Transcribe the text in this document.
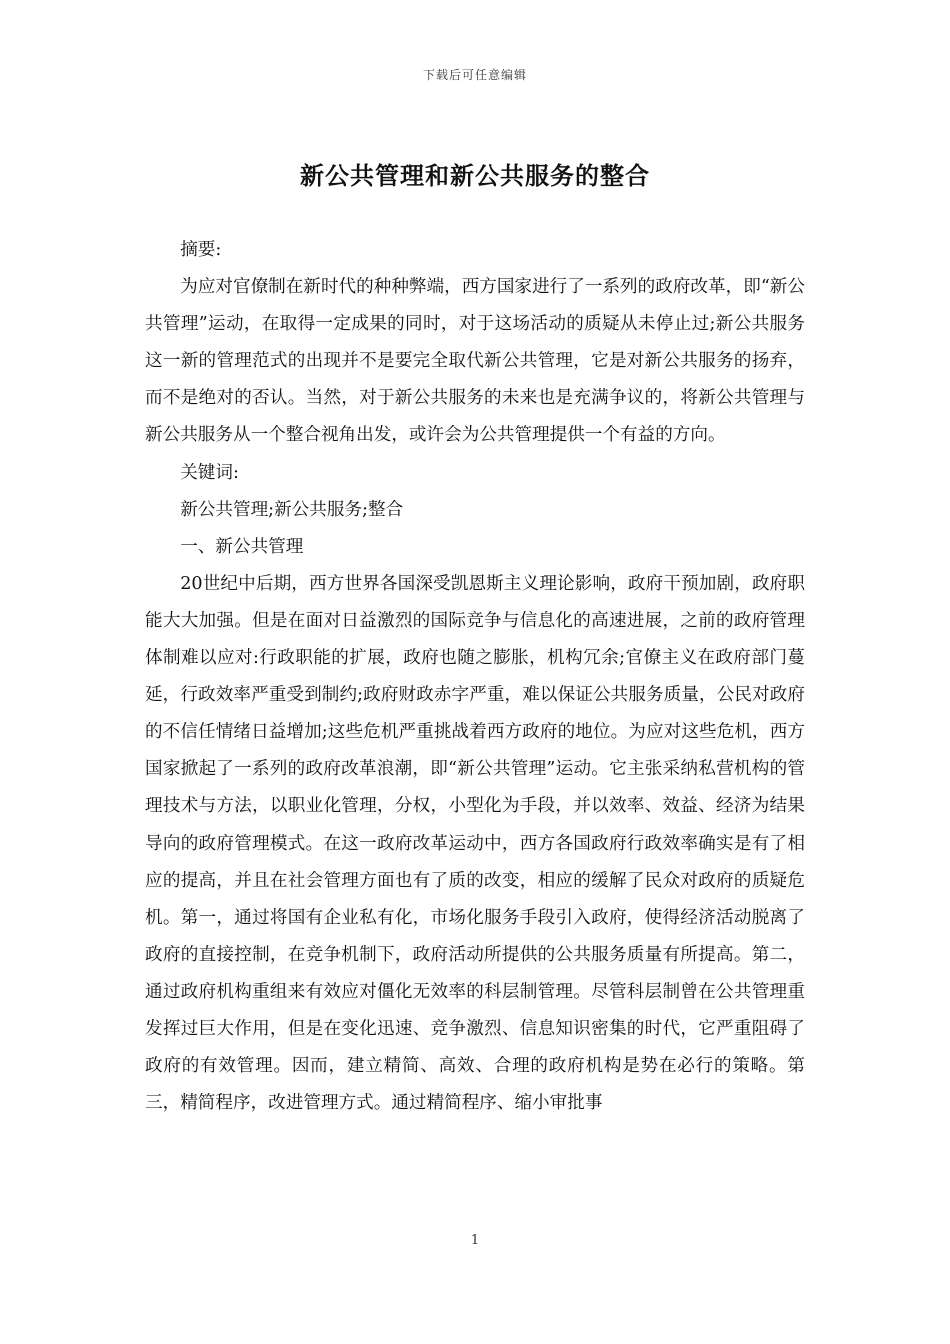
下载后可任意编辑
新公共管理和新公共服务的整合

摘要:

为应对官僚制在新时代的种种弊端，西方国家进行了一系列的政府改革，即“新公共管理”运动，在取得一定成果的同时，对于这场活动的质疑从未停止过;新公共服务这一新的管理范式的出现并不是要完全取代新公共管理，它是对新公共服务的扬弃，而不是绝对的否认。当然，对于新公共服务的未来也是充满争议的，将新公共管理与新公共服务从一个整合视角出发，或许会为公共管理提供一个有益的方向。

关键词:

新公共管理;新公共服务;整合

一、新公共管理

20世纪中后期，西方世界各国深受凯恩斯主义理论影响，政府干预加剧，政府职能大大加强。但是在面对日益激烈的国际竞争与信息化的高速进展，之前的政府管理体制难以应对:行政职能的扩展，政府也随之膨胀，机构冗余;官僚主义在政府部门蔓延，行政效率严重受到制约;政府财政赤字严重，难以保证公共服务质量，公民对政府的不信任情绪日益增加;这些危机严重挑战着西方政府的地位。为应对这些危机，西方国家掀起了一系列的政府改革浪潮，即“新公共管理”运动。它主张采纳私营机构的管理技术与方法，以职业化管理，分权，小型化为手段，并以效率、效益、经济为结果导向的政府管理模式。在这一政府改革运动中，西方各国政府行政效率确实是有了相应的提高，并且在社会管理方面也有了质的改变，相应的缓解了民众对政府的质疑危机。第一，通过将国有企业私有化，市场化服务手段引入政府，使得经济活动脱离了政府的直接控制，在竞争机制下，政府活动所提供的公共服务质量有所提高。第二，通过政府机构重组来有效应对僵化无效率的科层制管理。尽管科层制曾在公共管理重发挥过巨大作用，但是在变化迅速、竞争激烈、信息知识密集的时代，它严重阻碍了政府的有效管理。因而，建立精简、高效、合理的政府机构是势在必行的策略。第三，精简程序，改进管理方式。通过精简程序、缩小审批事

1
